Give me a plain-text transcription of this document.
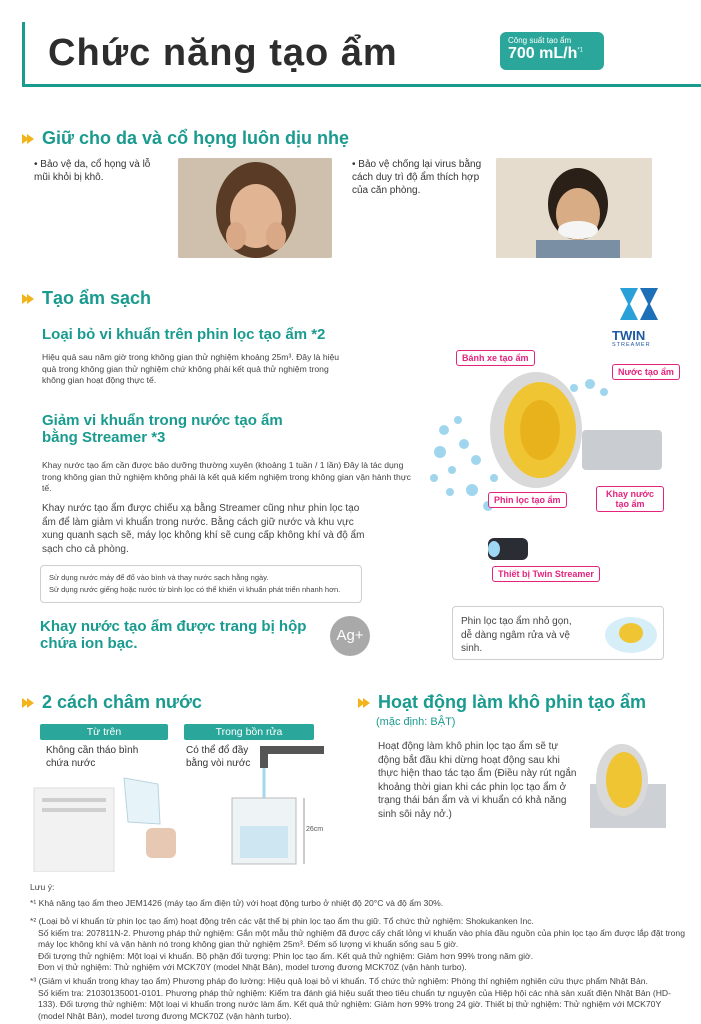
Chức năng tạo ẩm	Công suất tạo ẩm
700 $mL/h^{*1}$
Giữ cho da và cổ họng luôn dịu nhẹ
• Bảo vệ da, cổ họng và lỗ mũi khỏi bị khô.
• Bảo vệ chống lại virus bằng cách duy trì độ ẩm thích hợp của căn phòng.
Tạo ẩm sạch
TWIN
STREAMER
Loại bỏ vi khuẩn trên phin lọc tạo ẩm *2
Hiệu quả sau năm giờ trong không gian thử nghiệm khoảng 25m³. Đây là hiệu quả trong không gian thử nghiệm chứ không phải kết quả thử nghiệm trong không gian hoạt động thực tế.
Giảm vi khuẩn trong nước tạo ẩm
bằng Streamer *3
Khay nước tạo ẩm cần được bảo dưỡng thường xuyên (khoảng 1 tuần / 1 lần) Đây là tác dụng trong không gian thử nghiệm không phải là kết quả kiểm nghiệm trong không gian vận hành thực tế.
Khay nước tạo ẩm được chiếu xạ bằng Streamer cũng như phin lọc tạo ẩm để làm giảm vi khuẩn trong nước. Bằng cách giữ nước và khu vực xung quanh sạch sẽ, máy lọc không khí sẽ cung cấp không khí và độ ẩm sạch cho cả phòng.
Sử dụng nước máy để đổ vào bình và thay nước sạch hằng ngày.
Sử dụng nước giếng hoặc nước từ bình lọc có thể khiến vi khuẩn phát triển nhanh hơn.
Khay nước tạo ẩm được trang bị hộp
chứa ion bạc.	Ag+
Bánh xe tạo ẩm
Nước tạo ẩm
Phin lọc tạo ẩm
Khay nước tạo ẩm
Thiết bị Twin Streamer
Phin lọc tạo ẩm nhỏ gọn, dễ dàng ngâm rửa và vệ sinh.
2 cách châm nước
Từ trên	Trong bồn rửa
Không cần tháo bình chứa nước
Có thể đổ đầy bằng vòi nước
26cm
Hoạt động làm khô phin tạo ẩm
(mặc định: BẬT)
Hoạt động làm khô phin lọc tạo ẩm sẽ tự động bắt đầu khi dừng hoạt động sau khi thực hiện thao tác tạo ẩm (Điều này rút ngắn khoảng thời gian khi các phin lọc tạo ẩm ở trạng thái bán ẩm và vi khuẩn có khả năng sinh sôi nảy nở.)
Lưu ý:
*¹ Khả năng tạo ẩm theo JEM1426 (máy tạo ẩm điện tử) với hoạt động turbo ở nhiệt độ 20°C và độ ẩm 30%.
*² (Loại bỏ vi khuẩn từ phin lọc tạo ẩm) hoạt động trên các vật thể bị phin lọc tạo ẩm thu giữ. Tổ chức thử nghiệm: Shokukanken Inc.
Số kiểm tra: 207811N-2. Phương pháp thử nghiệm: Gắn một mẫu thử nghiệm đã được cấy chất lỏng vi khuẩn vào phía đầu nguồn của phin lọc tạo ẩm được lắp đặt trong máy lọc không khí và vận hành nó trong không gian thử nghiệm 25m³. Đếm số lượng vi khuẩn sống sau 5 giờ.
Đối tượng thử nghiệm: Một loại vi khuẩn. Bộ phận đối tượng: Phin lọc tạo ẩm. Kết quả thử nghiệm: Giảm hơn 99% trong năm giờ.
Đơn vị thử nghiệm: Thử nghiệm với MCK70Y (model Nhật Bản), model tương đương MCK70Z (vận hành turbo).
*³ (Giảm vi khuẩn trong khay tạo ẩm) Phương pháp đo lường: Hiệu quả loại bỏ vi khuẩn. Tổ chức thử nghiệm: Phòng thí nghiệm nghiên cứu thực phẩm Nhật Bản.
Số kiểm tra: 21030135001-0101. Phương pháp thử nghiệm: Kiểm tra đánh giá hiệu suất theo tiêu chuẩn tự nguyện của Hiệp hội các nhà sản xuất điện Nhật Bản (HD-133). Đối tượng thử nghiệm: Một loại vi khuẩn trong nước làm ẩm. Kết quả thử nghiệm: Giảm hơn 99% trong 24 giờ. Thiết bị thử nghiệm: Thử nghiệm với MCK70Y (model Nhật Bản), model tương đương MCK70Z (vận hành turbo).
